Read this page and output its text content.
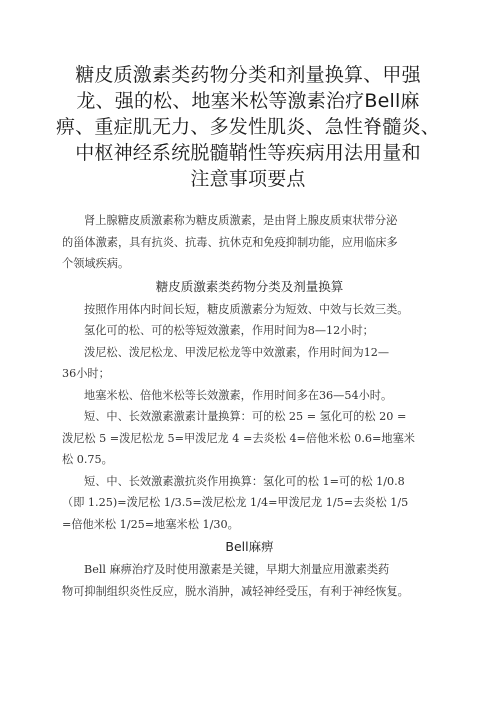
糖皮质激素类药物分类和剂量换算、甲强
龙、强的松、地塞米松等激素治疗Bell麻
痹、重症肌无力、多发性肌炎、急性脊髓炎、
中枢神经系统脱髓鞘性等疾病用法用量和
注意事项要点
肾上腺糖皮质激素称为糖皮质激素，是由肾上腺皮质束状带分泌
的甾体激素，具有抗炎、抗毒、抗休克和免疫抑制功能，应用临床多
个领域疾病。
糖皮质激素类药物分类及剂量换算
按照作用体内时间长短，糖皮质激素分为短效、中效与长效三类。
氢化可的松、可的松等短效激素，作用时间为8—12小时；
泼尼松、泼尼松龙、甲泼尼松龙等中效激素，作用时间为12—
36小时；
地塞米松、倍他米松等长效激素，作用时间多在36—54小时。
短、中、长效激素激素计量换算：可的松 25 = 氢化可的松 20 =
泼尼松 5 =泼尼松龙 5=甲泼尼龙 4 =去炎松 4=倍他米松 0.6=地塞米
松 0.75。
短、中、长效激素激抗炎作用换算：氢化可的松 1=可的松 1/0.8
（即 1.25)=泼尼松 1/3.5=泼尼松龙 1/4=甲泼尼龙 1/5=去炎松 1/5
=倍他米松 1/25=地塞米松 1/30。
Bell麻痹
Bell 麻痹治疗及时使用激素是关键，早期大剂量应用激素类药
物可抑制组织炎性反应，脱水消肿，减轻神经受压，有利于神经恢复。
